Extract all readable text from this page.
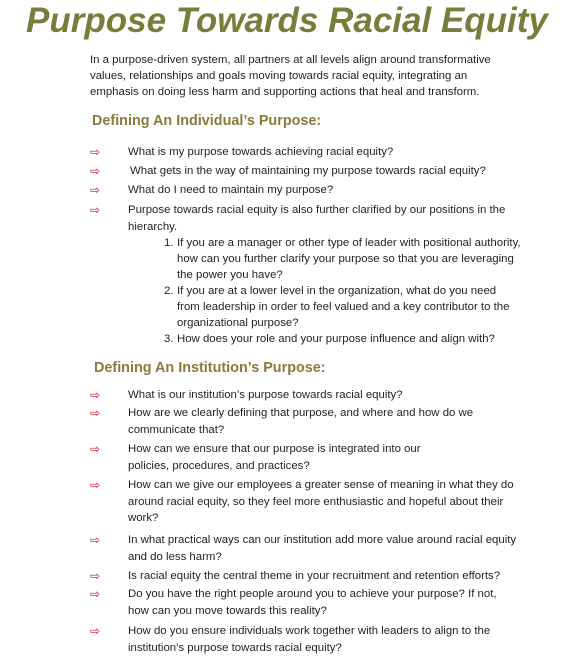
Purpose Towards Racial Equity
In a purpose-driven system, all partners at all levels align around transformative values, relationships and goals moving towards racial equity, integrating an emphasis on doing less harm and supporting actions that heal and transform.
Defining An Individual’s Purpose:
⇨ What is my purpose towards achieving racial equity?
⇨	What gets in the way of maintaining my purpose towards racial equity?
⇨ What do I need to maintain my purpose?
⇨ Purpose towards racial equity is also further clarified by our positions in the hierarchy.
1. If you are a manager or other type of leader with positional authority, how can you further clarify your purpose so that you are leveraging the power you have?
2. If you are at a lower level in the organization, what do you need from leadership in order to feel valued and a key contributor to the organizational purpose?
3. How does your role and your purpose influence and align with?
Defining An Institution’s Purpose:
⇨ What is our institution’s purpose towards racial equity?
⇨ How are we clearly defining that purpose, and where and how do we communicate that?
⇨ How can we ensure that our purpose is integrated into our policies, procedures, and practices?
⇨ How can we give our employees a greater sense of meaning in what they do around racial equity, so they feel more enthusiastic and hopeful about their work?
⇨ In what practical ways can our institution add more value around racial equity and do less harm?
⇨ Is racial equity the central theme in your recruitment and retention efforts?
⇨ Do you have the right people around you to achieve your purpose? If not, how can you move towards this reality?
⇨ How do you ensure individuals work together with leaders to align to the institution’s purpose towards racial equity?
